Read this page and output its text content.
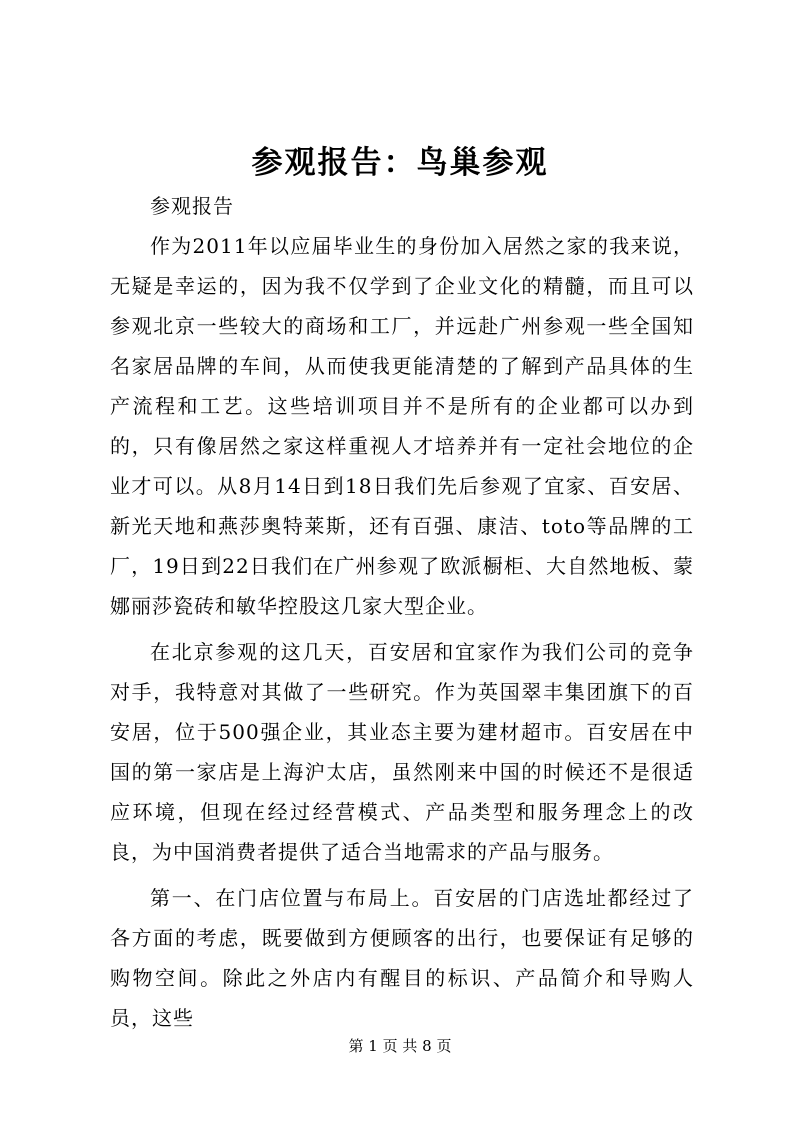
参观报告：鸟巢参观

参观报告

作为2011年以应届毕业生的身份加入居然之家的我来说，无疑是幸运的，因为我不仅学到了企业文化的精髓，而且可以参观北京一些较大的商场和工厂，并远赴广州参观一些全国知名家居品牌的车间，从而使我更能清楚的了解到产品具体的生产流程和工艺。这些培训项目并不是所有的企业都可以办到的，只有像居然之家这样重视人才培养并有一定社会地位的企业才可以。从8月14日到18日我们先后参观了宜家、百安居、新光天地和燕莎奥特莱斯，还有百强、康洁、toto等品牌的工厂，19日到22日我们在广州参观了欧派橱柜、大自然地板、蒙娜丽莎瓷砖和敏华控股这几家大型企业。

在北京参观的这几天，百安居和宜家作为我们公司的竞争对手，我特意对其做了一些研究。作为英国翠丰集团旗下的百安居，位于500强企业，其业态主要为建材超市。百安居在中国的第一家店是上海沪太店，虽然刚来中国的时候还不是很适应环境，但现在经过经营模式、产品类型和服务理念上的改良，为中国消费者提供了适合当地需求的产品与服务。

第一、在门店位置与布局上。百安居的门店选址都经过了各方面的考虑，既要做到方便顾客的出行，也要保证有足够的购物空间。除此之外店内有醒目的标识、产品简介和导购人员，这些

第 1 页 共 8 页
